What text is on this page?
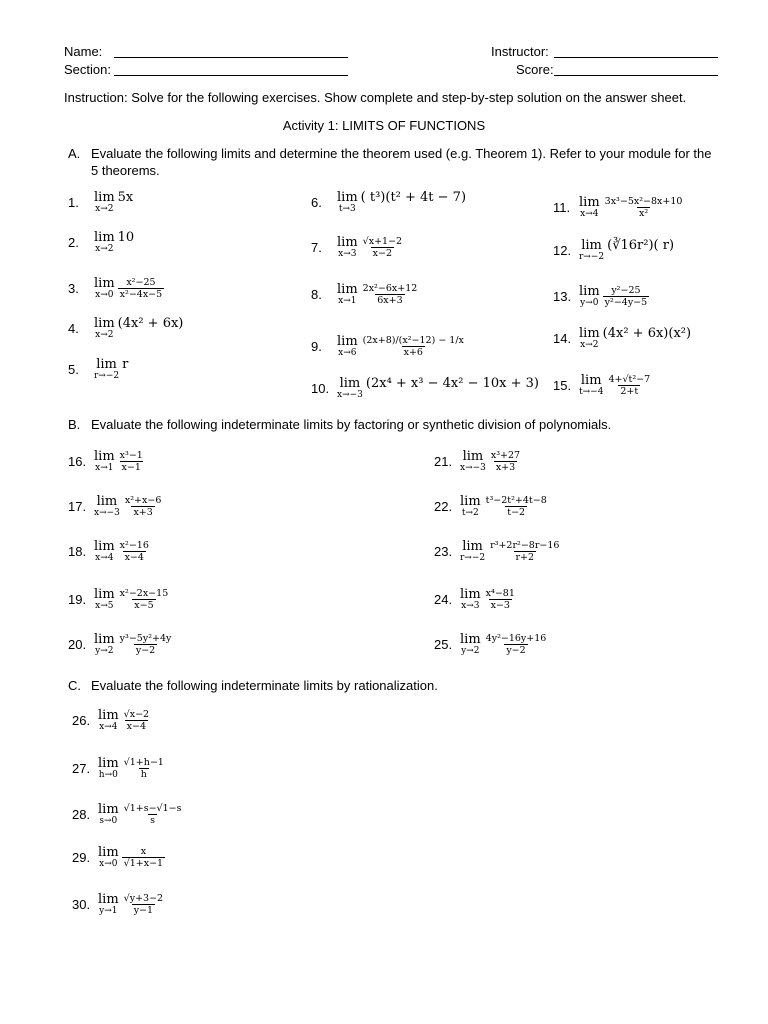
Name:
Section:
Instructor:
Score:
Instruction: Solve for the following exercises. Show complete and step-by-step solution on the answer sheet.
Activity 1: LIMITS OF FUNCTIONS
A. Evaluate the following limits and determine the theorem used (e.g. Theorem 1). Refer to your module for the
5 theorems.
B. Evaluate the following indeterminate limits by factoring or synthetic division of polynomials.
C. Evaluate the following indeterminate limits by rationalization.
1.	lim
x→2
5x
2.	lim
x→2
10
3.	lim
$x\to 0 \frac{\text{x²−25}}{\text{x²−4x−5}}$
4.	lim
x→2
(4x² + 6x)
5.	lim
r→−2
r
6.	lim
t→3
( t³)(t² + 4t − 7)
7.	lim
$x\to 3 \frac{√x+1-2}{x-2}$
8.	lim
$x\to 1 \frac{\text{2x²−6x+12}}{6x+3}$
9.	lim
$x\to 6 \frac{\text{(2x+8)/(x²−12) − 1/x}}{x+6}$
10. lim
x→−3
(2x⁴ + x³ − 4x² − 10x + 3)
11. lim
$x\to 4 \frac{\text{3x³−5x²−8x+10}}{\text{x²}}$
12. lim
r→−2
(∛16r²)( r)
13. lim
$y\to 0 \frac{\text{y²−25}}{\text{y²−4y−5}}$
14. lim
x→2
(4x² + 6x)(x²)
15. lim
$t\to-4 \frac{\text{4+√t²−7}}{2+t}$
16. lim
$x\to 1 \frac{\text{x³−1}}{x-1}$
17. lim
$x\to-3 \frac{\text{x²+x−6}}{x+3}$
18. lim
$x\to 4 \frac{\text{x²−16}}{x-4}$
19. lim
$x\to 5 \frac{\text{x²−2x−15}}{x-5}$
20. lim
$y\to 2 \frac{\text{y³−5y²+4y}}{y-2}$
21. lim
$x\to-3 \frac{\text{x³+27}}{x+3}$
22. lim
$t\to 2 \frac{\text{t³−2t²+4t−8}}{t-2}$
23. lim
$r\to-2 \frac{\text{r³+2r²−8r−16}}{r+2}$
24. lim
$x\to 3 \frac{\text{x⁴−81}}{x-3}$
25. lim
$y\to 2 \frac{\text{4y²−16y+16}}{y-2}$
26. lim
$x\to 4 \frac{√x-2}{x-4}$
27. lim
$h\to 0 \frac{√1+h-1}{h}$
28. lim
$s\to 0 \frac{√1+s-√1-s}{s}$
29. lim
$x\to 0 \frac{x}{√1+x-1}$
30. lim
$y\to 1 \frac{√y+3-2}{y-1}$
